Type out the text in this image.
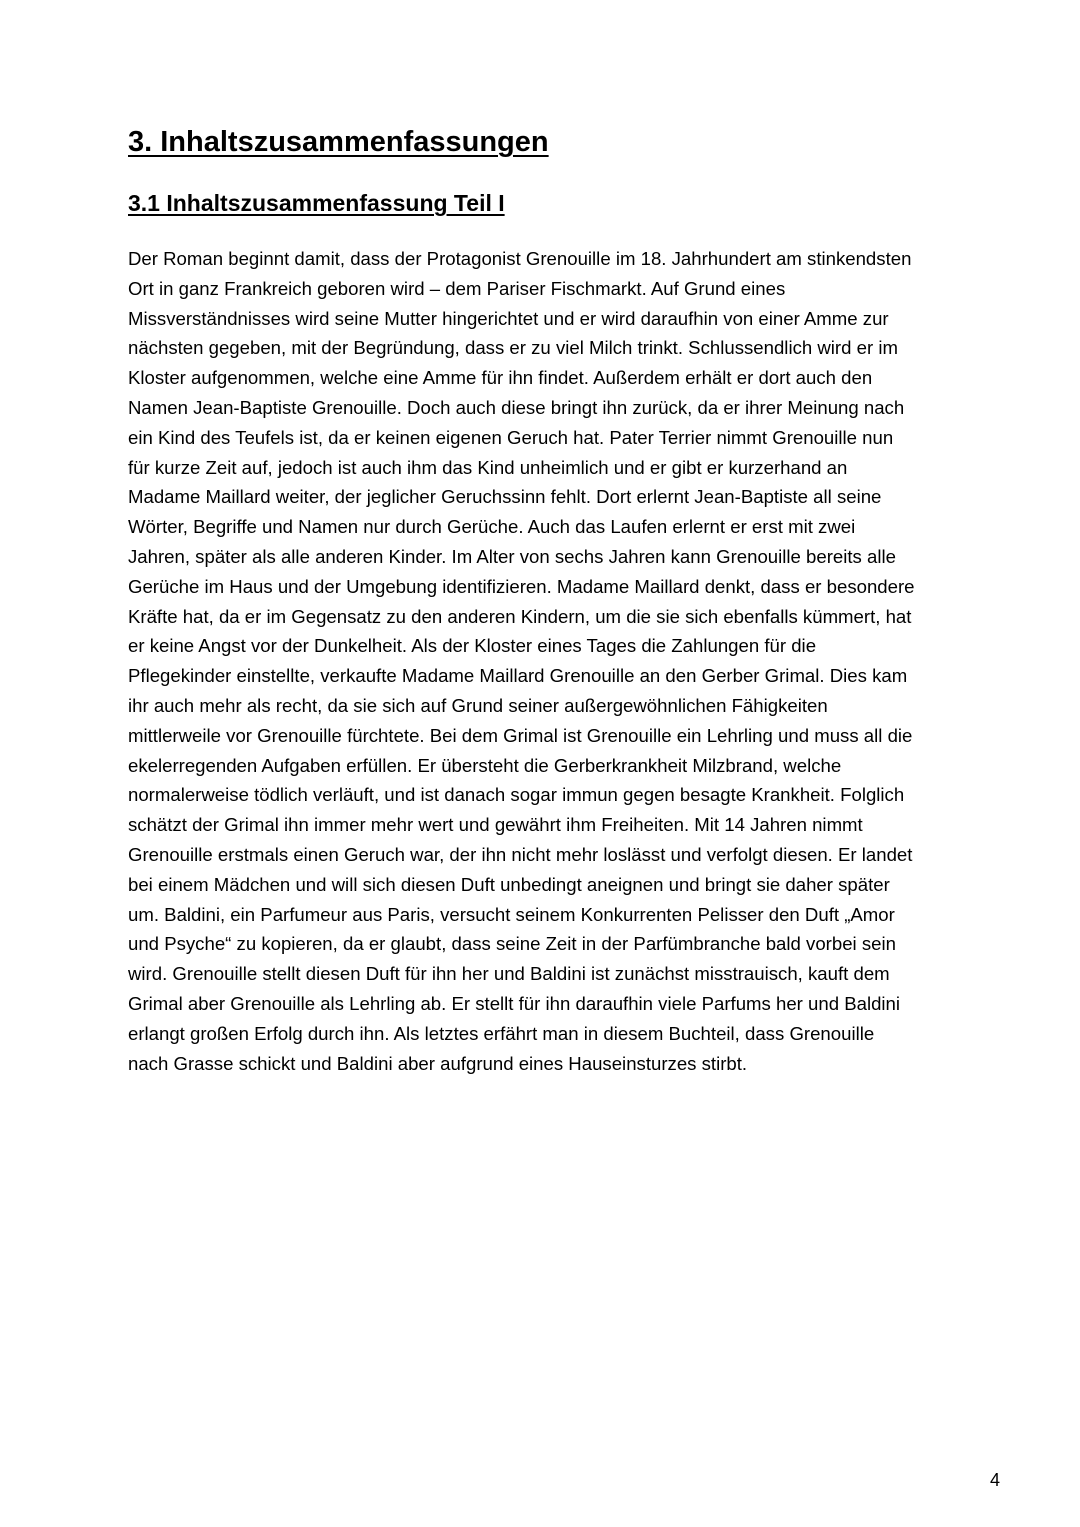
3. Inhaltszusammenfassungen
3.1 Inhaltszusammenfassung Teil I
Der Roman beginnt damit, dass der Protagonist Grenouille im 18. Jahrhundert am stinkendsten
Ort in ganz Frankreich geboren wird – dem Pariser Fischmarkt. Auf Grund eines
Missverständnisses wird seine Mutter hingerichtet und er wird daraufhin von einer Amme zur
nächsten gegeben, mit der Begründung, dass er zu viel Milch trinkt. Schlussendlich wird er im
Kloster aufgenommen, welche eine Amme für ihn findet. Außerdem erhält er dort auch den
Namen Jean-Baptiste Grenouille. Doch auch diese bringt ihn zurück, da er ihrer Meinung nach
ein Kind des Teufels ist, da er keinen eigenen Geruch hat. Pater Terrier nimmt Grenouille nun
für kurze Zeit auf, jedoch ist auch ihm das Kind unheimlich und er gibt er kurzerhand an
Madame Maillard weiter, der jeglicher Geruchssinn fehlt. Dort erlernt Jean-Baptiste all seine
Wörter, Begriffe und Namen nur durch Gerüche. Auch das Laufen erlernt er erst mit zwei
Jahren, später als alle anderen Kinder. Im Alter von sechs Jahren kann Grenouille bereits alle
Gerüche im Haus und der Umgebung identifizieren. Madame Maillard denkt, dass er besondere
Kräfte hat, da er im Gegensatz zu den anderen Kindern, um die sie sich ebenfalls kümmert, hat
er keine Angst vor der Dunkelheit. Als der Kloster eines Tages die Zahlungen für die
Pflegekinder einstellte, verkaufte Madame Maillard Grenouille an den Gerber Grimal. Dies kam
ihr auch mehr als recht, da sie sich auf Grund seiner außergewöhnlichen Fähigkeiten
mittlerweile vor Grenouille fürchtete. Bei dem Grimal ist Grenouille ein Lehrling und muss all die
ekelerregenden Aufgaben erfüllen. Er übersteht die Gerberkrankheit Milzbrand, welche
normalerweise tödlich verläuft, und ist danach sogar immun gegen besagte Krankheit. Folglich
schätzt der Grimal ihn immer mehr wert und gewährt ihm Freiheiten. Mit 14 Jahren nimmt
Grenouille erstmals einen Geruch war, der ihn nicht mehr loslässt und verfolgt diesen. Er landet
bei einem Mädchen und will sich diesen Duft unbedingt aneignen und bringt sie daher später
um. Baldini, ein Parfumeur aus Paris, versucht seinem Konkurrenten Pelisser den Duft „Amor
und Psyche“ zu kopieren, da er glaubt, dass seine Zeit in der Parfümbranche bald vorbei sein
wird. Grenouille stellt diesen Duft für ihn her und Baldini ist zunächst misstrauisch, kauft dem
Grimal aber Grenouille als Lehrling ab. Er stellt für ihn daraufhin viele Parfums her und Baldini
erlangt großen Erfolg durch ihn. Als letztes erfährt man in diesem Buchteil, dass Grenouille
nach Grasse schickt und Baldini aber aufgrund eines Hauseinsturzes stirbt.
4
